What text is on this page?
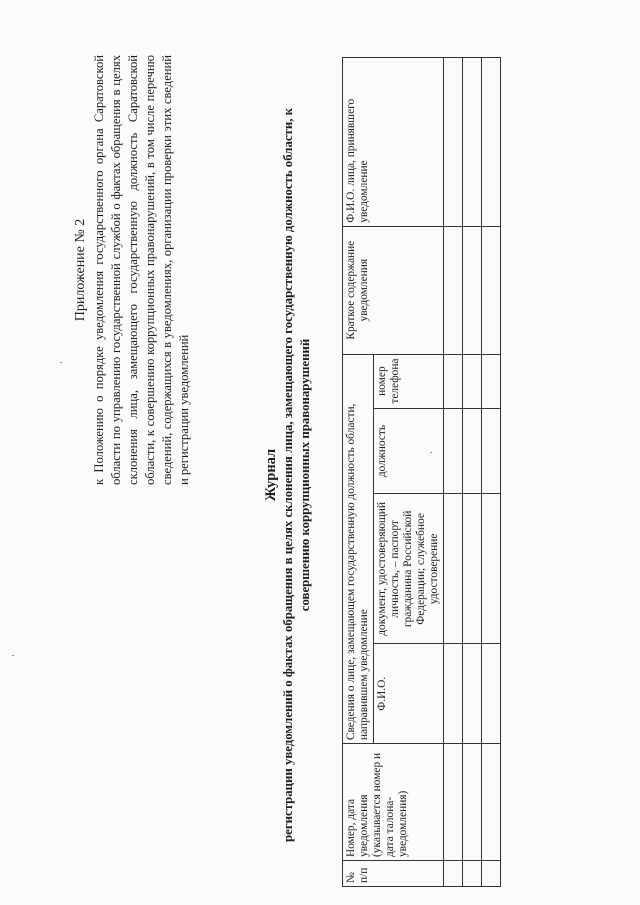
Приложение № 2 к Положению о порядке уведомления государственного органа Саратовской области по управлению государственной службой о фактах обращения в целях склонения лица, замещающего государственную должность Саратовской области, к совершению коррупционных правонарушений, в том числе перечню сведений, содержащихся в уведомлениях, организации проверки этих сведений и регистрации уведомлений	Журнал регистрации уведомлений о фактах обращения в целях склонения лица, замещающего государственную должность области, к совершению коррупционных правонарушений
№ п/п	Номер, дата уведомления (указывается номер и дата талона-уведомления)	Сведения о лице, замещающем государственную должность области, направившем уведомление				Краткое содержание уведомления	Ф.И.О. лица, принявшего уведомление
		Ф.И.О.	документ, удостоверяющий личность, – паспорт гражданина Российской Федерации; служебное удостоверение	должность	номер телефона		
